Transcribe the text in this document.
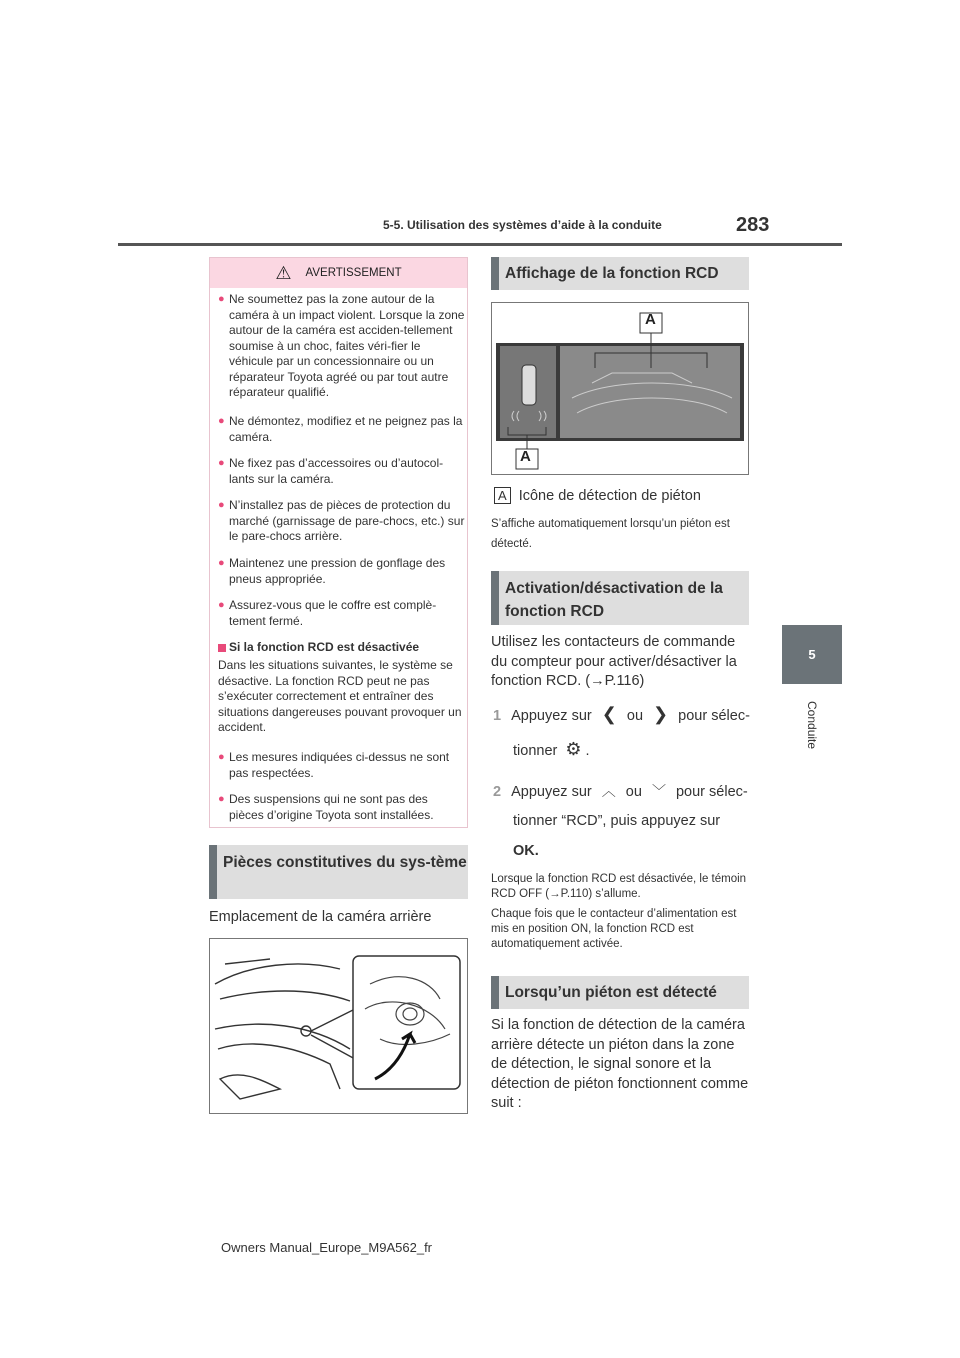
5-5. Utilisation des systèmes d’aide à la conduite	283
5
Conduite
⚠ AVERTISSEMENT
● Ne soumettez pas la zone autour de la caméra à un impact violent. Lorsque la zone autour de la caméra est acciden-tellement soumise à un choc, faites véri-fier le véhicule par un concessionnaire ou un réparateur Toyota agréé ou par tout autre réparateur qualifié.
● Ne démontez, modifiez et ne peignez pas la caméra.
● Ne fixez pas d’accessoires ou d’autocol-lants sur la caméra.
● N’installez pas de pièces de protection du marché (garnissage de pare-chocs, etc.) sur le pare-chocs arrière.
● Maintenez une pression de gonflage des pneus appropriée.
● Assurez-vous que le coffre est complè-tement fermé.
Si la fonction RCD est désactivée
Dans les situations suivantes, le système se désactive. La fonction RCD peut ne pas s’exécuter correctement et entraîner des situations dangereuses pouvant provoquer un accident.
● Les mesures indiquées ci-dessus ne sont pas respectées.
● Des suspensions qui ne sont pas des pièces d’origine Toyota sont installées.
Pièces constitutives du sys-tème
Emplacement de la caméra arrière
Affichage de la fonction RCD
A
A
A Icône de détection de piéton
S’affiche automatiquement lorsqu’un piéton est détecté.
Activation/désactivation de la fonction RCD
Utilisez les contacteurs de commande du compteur pour activer/désactiver la fonction RCD. (→P.116)
1 Appuyez sur ❮ ou ❯ pour sélec-
tionner ⚙ .
2 Appuyez sur ︿ ou ﹀ pour sélec-
tionner “RCD”, puis appuyez sur
OK.
Lorsque la fonction RCD est désactivée, le témoin RCD OFF (→P.110) s’allume.
Chaque fois que le contacteur d’alimentation est mis en position ON, la fonction RCD est automatiquement activée.
Lorsqu’un piéton est détecté
Si la fonction de détection de la caméra arrière détecte un piéton dans la zone de détection, le signal sonore et la détection de piéton fonctionnent comme suit :
Owners Manual_Europe_M9A562_fr
